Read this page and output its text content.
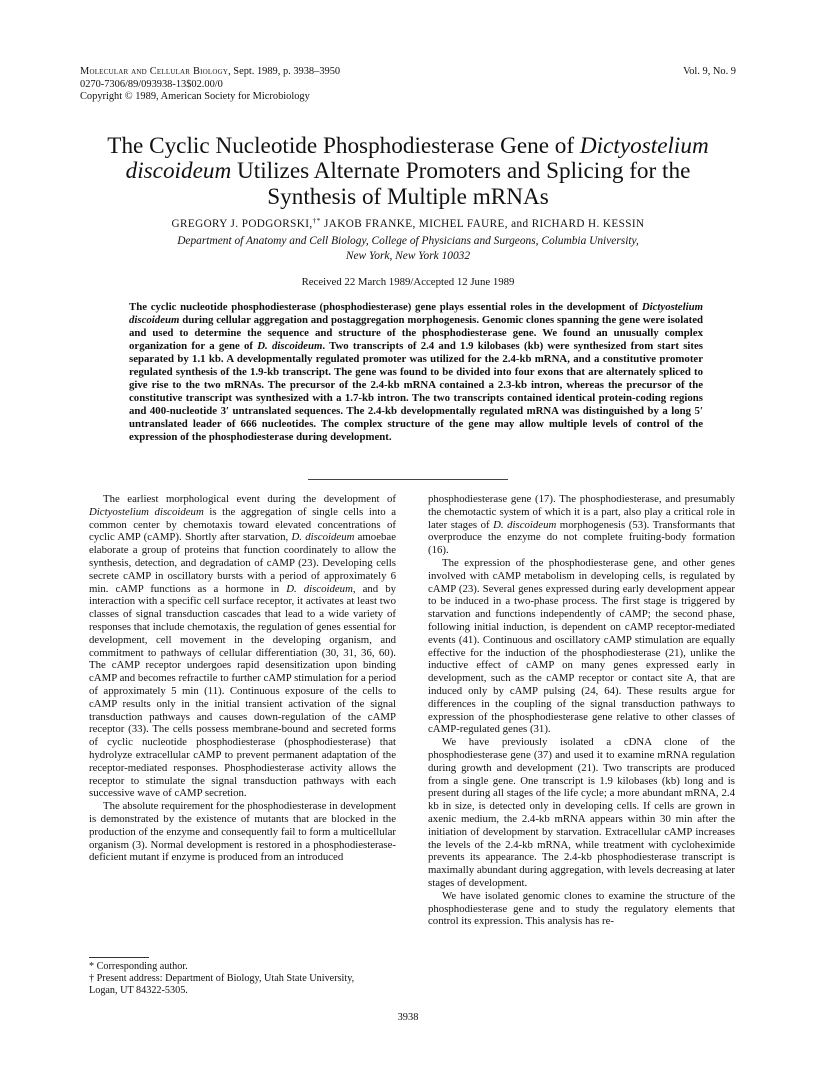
Molecular and Cellular Biology, Sept. 1989, p. 3938–3950
0270-7306/89/093938-13$02.00/0
Copyright © 1989, American Society for Microbiology
Vol. 9, No. 9
The Cyclic Nucleotide Phosphodiesterase Gene of Dictyostelium
discoideum Utilizes Alternate Promoters and Splicing for the
Synthesis of Multiple mRNAs
GREGORY J. PODGORSKI,†* JAKOB FRANKE, MICHEL FAURE, and RICHARD H. KESSIN
Department of Anatomy and Cell Biology, College of Physicians and Surgeons, Columbia University,
New York, New York 10032
Received 22 March 1989/Accepted 12 June 1989
The cyclic nucleotide phosphodiesterase (phosphodiesterase) gene plays essential roles in the development of Dictyostelium discoideum during cellular aggregation and postaggregation morphogenesis. Genomic clones spanning the gene were isolated and used to determine the sequence and structure of the phosphodiesterase gene. We found an unusually complex organization for a gene of D. discoideum. Two transcripts of 2.4 and 1.9 kilobases (kb) were synthesized from start sites separated by 1.1 kb. A developmentally regulated promoter was utilized for the 2.4-kb mRNA, and a constitutive promoter regulated synthesis of the 1.9-kb transcript. The gene was found to be divided into four exons that are alternately spliced to give rise to the two mRNAs. The precursor of the 2.4-kb mRNA contained a 2.3-kb intron, whereas the precursor of the constitutive transcript was synthesized with a 1.7-kb intron. The two transcripts contained identical protein-coding regions and 400-nucleotide 3′ untranslated sequences. The 2.4-kb developmentally regulated mRNA was distinguished by a long 5′ untranslated leader of 666 nucleotides. The complex structure of the gene may allow multiple levels of control of the expression of the phosphodiesterase during development.

The earliest morphological event during the development of Dictyostelium discoideum is the aggregation of single cells into a common center by chemotaxis toward elevated concentrations of cyclic AMP (cAMP). Shortly after starvation, D. discoideum amoebae elaborate a group of proteins that function coordinately to allow the synthesis, detection, and degradation of cAMP (23). Developing cells secrete cAMP in oscillatory bursts with a period of approximately 6 min. cAMP functions as a hormone in D. discoideum, and by interaction with a specific cell surface receptor, it activates at least two classes of signal transduction cascades that lead to a wide variety of responses that include chemotaxis, the regulation of genes essential for development, cell movement in the developing organism, and commitment to pathways of cellular differentiation (30, 31, 36, 60). The cAMP receptor undergoes rapid desensitization upon binding cAMP and becomes refractile to further cAMP stimulation for a period of approximately 5 min (11). Continuous exposure of the cells to cAMP results only in the initial transient activation of the signal transduction pathways and causes down-regulation of the cAMP receptor (33). The cells possess membrane-bound and secreted forms of cyclic nucleotide phosphodiesterase (phosphodiesterase) that hydrolyze extracellular cAMP to prevent permanent adaptation of the receptor-mediated responses. Phosphodiesterase activity allows the receptor to stimulate the signal transduction pathways with each successive wave of cAMP secretion.

The absolute requirement for the phosphodiesterase in development is demonstrated by the existence of mutants that are blocked in the production of the enzyme and consequently fail to form a multicellular organism (3). Normal development is restored in a phosphodiesterase-deficient mutant if enzyme is produced from an introduced

phosphodiesterase gene (17). The phosphodiesterase, and presumably the chemotactic system of which it is a part, also play a critical role in later stages of D. discoideum morphogenesis (53). Transformants that overproduce the enzyme do not complete fruiting-body formation (16).

The expression of the phosphodiesterase gene, and other genes involved with cAMP metabolism in developing cells, is regulated by cAMP (23). Several genes expressed during early development appear to be induced in a two-phase process. The first stage is triggered by starvation and functions independently of cAMP; the second phase, following initial induction, is dependent on cAMP receptor-mediated events (41). Continuous and oscillatory cAMP stimulation are equally effective for the induction of the phosphodiesterase (21), unlike the inductive effect of cAMP on many genes expressed early in development, such as the cAMP receptor or contact site A, that are induced only by cAMP pulsing (24, 64). These results argue for differences in the coupling of the signal transduction pathways to expression of the phosphodiesterase gene relative to other classes of cAMP-regulated genes (31).

We have previously isolated a cDNA clone of the phosphodiesterase gene (37) and used it to examine mRNA regulation during growth and development (21). Two transcripts are produced from a single gene. One transcript is 1.9 kilobases (kb) long and is present during all stages of the life cycle; a more abundant mRNA, 2.4 kb in size, is detected only in developing cells. If cells are grown in axenic medium, the 2.4-kb mRNA appears within 30 min after the initiation of development by starvation. Extracellular cAMP increases the levels of the 2.4-kb mRNA, while treatment with cycloheximide prevents its appearance. The 2.4-kb phosphodiesterase transcript is maximally abundant during aggregation, with levels decreasing at later stages of development.

We have isolated genomic clones to examine the structure of the phosphodiesterase gene and to study the regulatory elements that control its expression. This analysis has re-

* Corresponding author.
† Present address: Department of Biology, Utah State University,
Logan, UT 84322-5305.
3938
